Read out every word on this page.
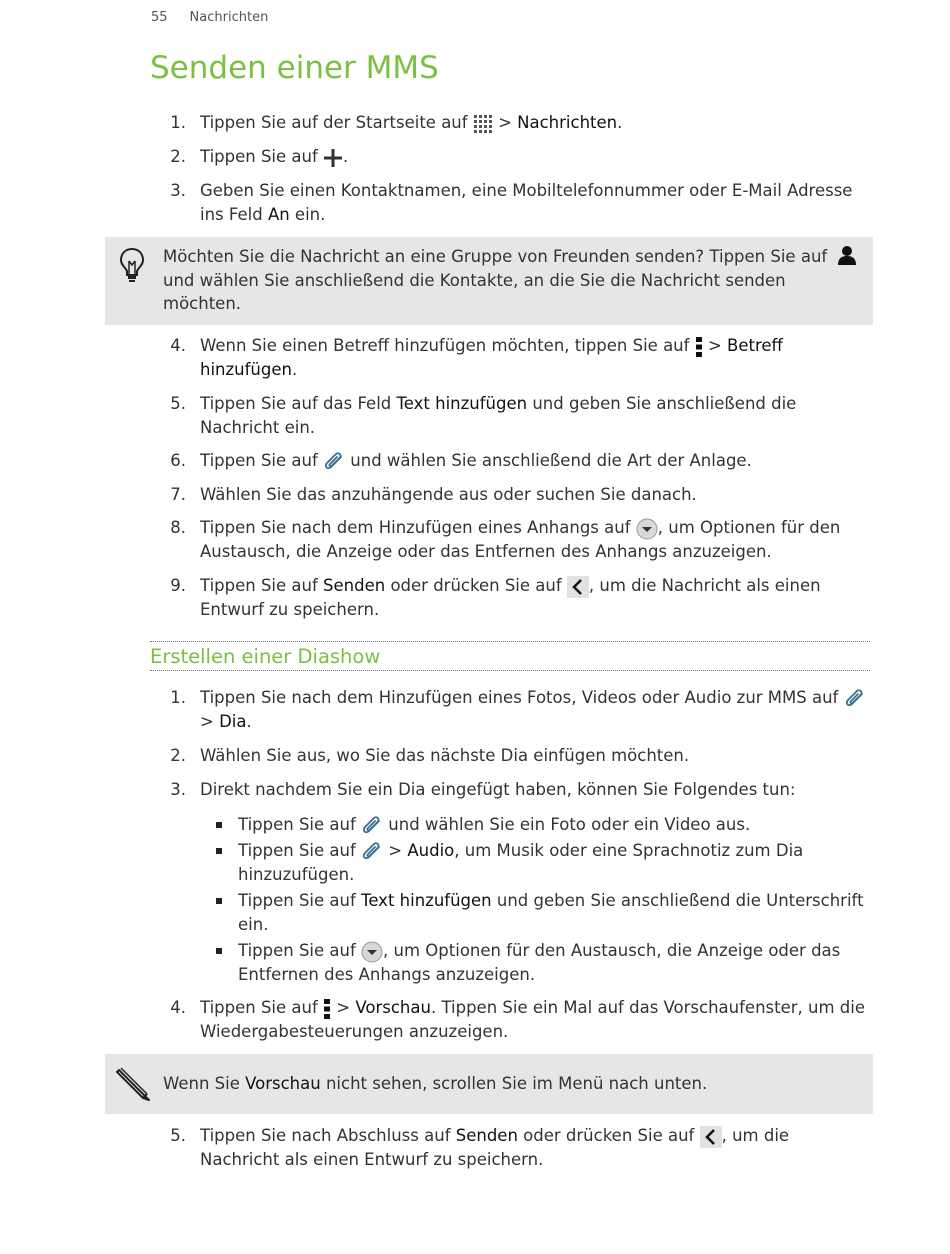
55 Nachrichten
Senden einer MMS
1. Tippen Sie auf der Startseite auf
> Nachrichten.
2. Tippen Sie auf
.
3. Geben Sie einen Kontaktnamen, eine Mobiltelefonnummer oder E-Mail Adresse ins Feld An ein.
Möchten Sie die Nachricht an eine Gruppe von Freunden senden? Tippen Sie auf
und wählen Sie anschließend die Kontakte, an die Sie die Nachricht senden möchten.
4. Wenn Sie einen Betreff hinzufügen möchten, tippen Sie auf
> Betreff hinzufügen.
5. Tippen Sie auf das Feld Text hinzufügen und geben Sie anschließend die Nachricht ein.
6. Tippen Sie auf
und wählen Sie anschließend die Art der Anlage.
7. Wählen Sie das anzuhängende aus oder suchen Sie danach.
8. Tippen Sie nach dem Hinzufügen eines Anhangs auf
, um Optionen für den Austausch, die Anzeige oder das Entfernen des Anhangs anzuzeigen.
9. Tippen Sie auf Senden oder drücken Sie auf
, um die Nachricht als einen Entwurf zu speichern.
Erstellen einer Diashow
1. Tippen Sie nach dem Hinzufügen eines Fotos, Videos oder Audio zur MMS auf
> Dia.
2. Wählen Sie aus, wo Sie das nächste Dia einfügen möchten.
3. Direkt nachdem Sie ein Dia eingefügt haben, können Sie Folgendes tun:
Tippen Sie auf
und wählen Sie ein Foto oder ein Video aus.
Tippen Sie auf
> Audio, um Musik oder eine Sprachnotiz zum Dia hinzuzufügen.
Tippen Sie auf Text hinzufügen und geben Sie anschließend die Unterschrift ein.
Tippen Sie auf
, um Optionen für den Austausch, die Anzeige oder das Entfernen des Anhangs anzuzeigen.
4. Tippen Sie auf
> Vorschau. Tippen Sie ein Mal auf das Vorschaufenster, um die Wiedergabesteuerungen anzuzeigen.
Wenn Sie Vorschau nicht sehen, scrollen Sie im Menü nach unten.
5. Tippen Sie nach Abschluss auf Senden oder drücken Sie auf
, um die Nachricht als einen Entwurf zu speichern.
